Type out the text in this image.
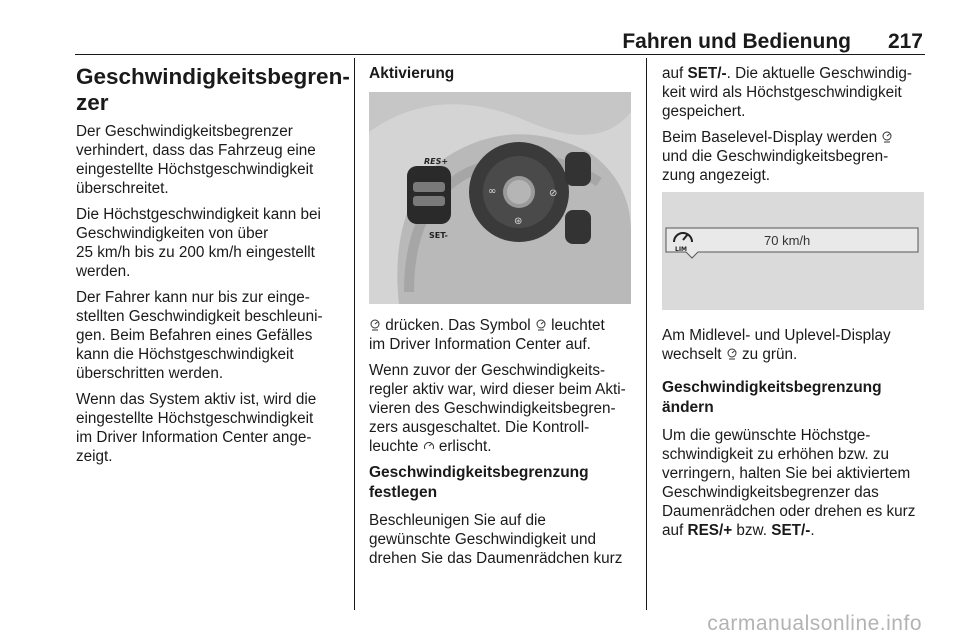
Fahren und Bedienung 217
Geschwindigkeitsbegren-
zer

Der Geschwindigkeitsbegrenzer
verhindert, dass das Fahrzeug eine
eingestellte Höchstgeschwindigkeit
überschreitet.

Die Höchstgeschwindigkeit kann bei
Geschwindigkeiten von über
25 km/h bis zu 200 km/h eingestellt
werden.

Der Fahrer kann nur bis zur einge-
stellten Geschwindigkeit beschleuni-
gen. Beim Befahren eines Gefälles
kann die Höchstgeschwindigkeit
überschritten werden.

Wenn das System aktiv ist, wird die
eingestellte Höchstgeschwindigkeit
im Driver Information Center ange-
zeigt.

Aktivierung
∞	⊘
⊛
RES+
SET-

drücken. Das Symbol  leuchtet
im Driver Information Center auf.

Wenn zuvor der Geschwindigkeits-
regler aktiv war, wird dieser beim Akti-
vieren des Geschwindigkeitsbegren-
zers ausgeschaltet. Die Kontroll-
leuchte  erlischt.

Geschwindigkeitsbegrenzung
festlegen

Beschleunigen Sie auf die
gewünschte Geschwindigkeit und
drehen Sie das Daumenrädchen kurz

auf SET/-. Die aktuelle Geschwindig-
keit wird als Höchstgeschwindigkeit
gespeichert.

Beim Baselevel-Display werden
und die Geschwindigkeitsbegren-
zung angezeigt.

LIM
70 km/h

Am Midlevel- und Uplevel-Display
wechselt  zu grün.

Geschwindigkeitsbegrenzung
ändern

Um die gewünschte Höchstge-
schwindigkeit zu erhöhen bzw. zu
verringern, halten Sie bei aktiviertem
Geschwindigkeitsbegrenzer das
Daumenrädchen oder drehen es kurz
auf RES/+ bzw. SET/-.

carmanualsonline.info
